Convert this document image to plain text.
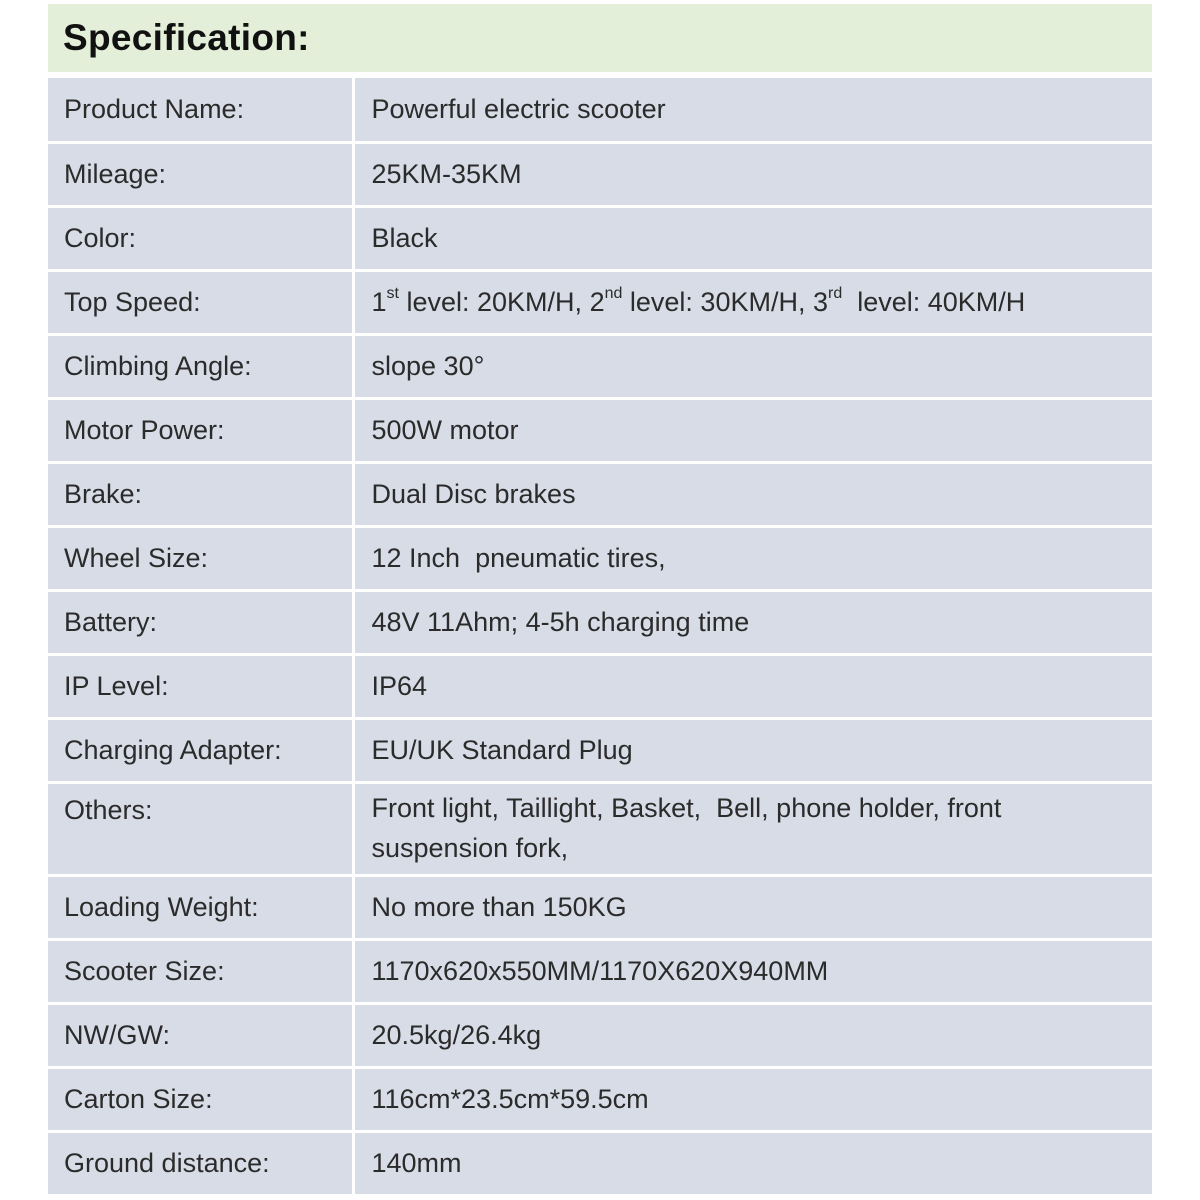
Specification:
Product Name:	Powerful electric scooter
Mileage:	25KM-35KM
Color:	Black
Top Speed:	1st level: 20KM/H, 2nd level: 30KM/H, 3rd  level: 40KM/H
Climbing Angle:	slope 30°
Motor Power:	500W motor
Brake:	Dual Disc brakes
Wheel Size:	12 Inch  pneumatic tires,
Battery:	48V 11Ahm; 4-5h charging time
IP Level:	IP64
Charging Adapter:	EU/UK Standard Plug
Others:	Front light, Taillight, Basket,  Bell, phone holder, front
suspension fork,

Loading Weight:	No more than 150KG
Scooter Size:	1170x620x550MM/1170X620X940MM
NW/GW:	20.5kg/26.4kg
Carton Size:	116cm*23.5cm*59.5cm
Ground distance:	140mm
